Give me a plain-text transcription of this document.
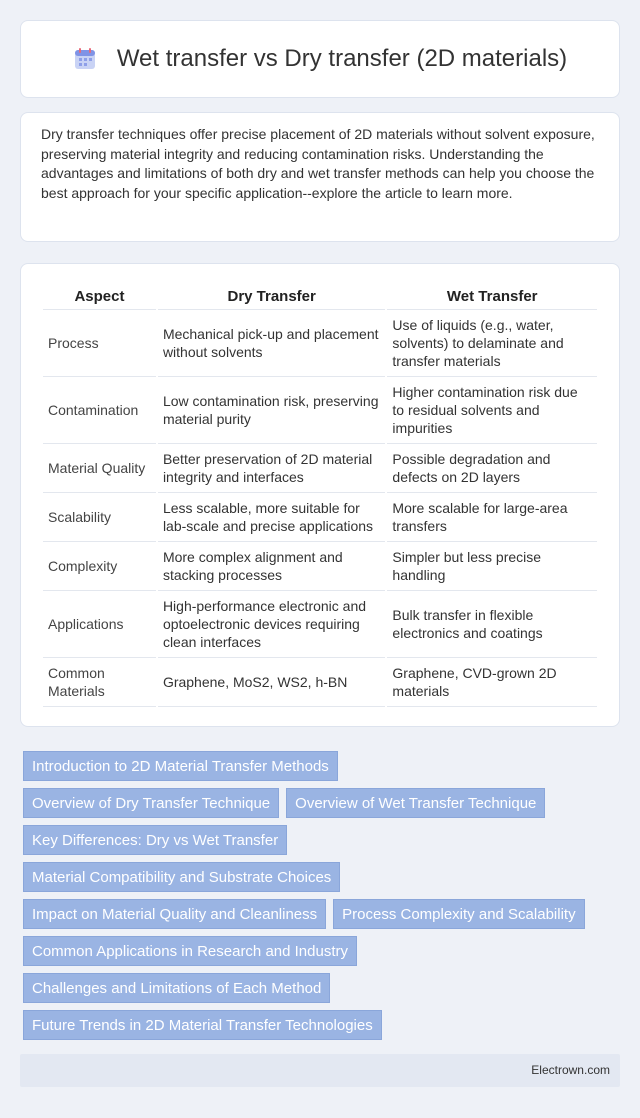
Wet transfer vs Dry transfer (2D materials)

Dry transfer techniques offer precise placement of 2D materials without solvent exposure, preserving material integrity and reducing contamination risks. Understanding the advantages and limitations of both dry and wet transfer methods can help you choose the best approach for your specific application--explore the article to learn more.

Aspect	Dry Transfer	Wet Transfer
Process	Mechanical pick-up and placement without solvents	Use of liquids (e.g., water, solvents) to delaminate and transfer materials
Contamination	Low contamination risk, preserving material purity	Higher contamination risk due to residual solvents and impurities
Material Quality	Better preservation of 2D material integrity and interfaces	Possible degradation and defects on 2D layers
Scalability	Less scalable, more suitable for lab-scale and precise applications	More scalable for large-area transfers
Complexity	More complex alignment and stacking processes	Simpler but less precise handling
Applications	High-performance electronic and optoelectronic devices requiring clean interfaces	Bulk transfer in flexible electronics and coatings
Common Materials	Graphene, MoS2, WS2, h-BN	Graphene, CVD-grown 2D materials
Introduction to 2D Material Transfer Methods
Overview of Dry Transfer Technique	Overview of Wet Transfer Technique
Key Differences: Dry vs Wet Transfer
Material Compatibility and Substrate Choices
Impact on Material Quality and Cleanliness	Process Complexity and Scalability
Common Applications in Research and Industry
Challenges and Limitations of Each Method
Future Trends in 2D Material Transfer Technologies
Electrown.com
